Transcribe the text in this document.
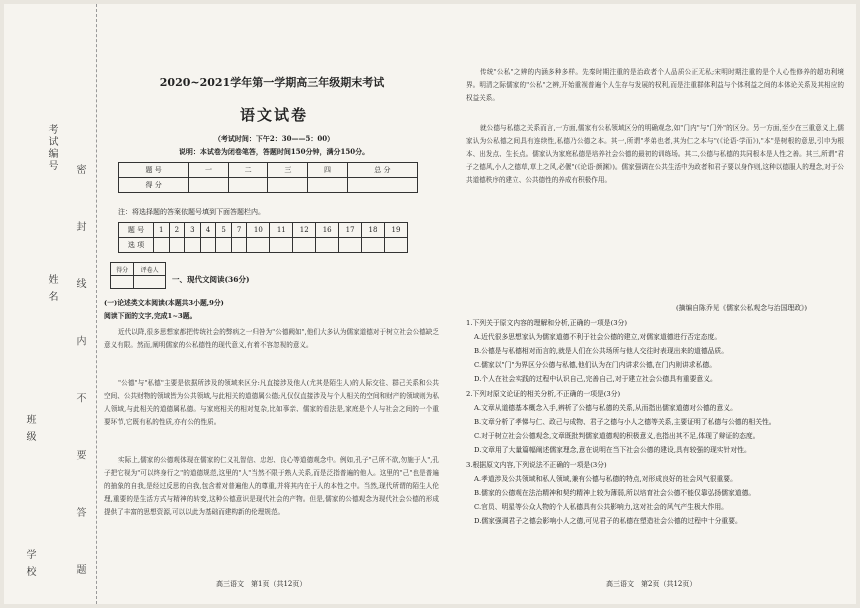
考试编号
姓 名
班 级
学 校	密 封 线 内 不 要 答 题
2020~2021学年第一学期高三年级期末考试
语文试卷
（考试时间：下午2：30——5：00）
说明：本试卷为闭卷笔答，答题时间150分钟，满分150分。
题 号	一	二	三	四	总 分
得 分					
注：将选择题的答案依题号填到下面答题栏内。
题 号	1	2	3	4	5	7	10	11	12	16	17	18	19
选 项													
得分	评卷人

一、现代文阅读(36分)
(一)论述类文本阅读(本题共3小题,9分)
阅读下面的文字,完成1~3题。
近代以降,很多思想家都把传统社会的弊病之一归咎为"公德阙如",他们大多认为儒家道德对于树立社会公德缺乏意义有限。然而,阐明儒家的公私德性的现代意义,有着不容忽视的意义。
"公德"与"私德"主要是依据所涉及的领域来区分:凡直接涉及他人(尤其是陌生人)的人际交往、群己关系和公共空间、公共财物的领域皆为公共领域,与此相关的道德属公德;凡仅仅直接涉及与个人相关的空间和财产的领域则为私人领域,与此相关的道德属私德。与家庭相关的相对复杂,比如事亲、儒家的看法是,家庭是个人与社会之间的一个重要环节,它既有私的性质,亦有公的性质。
实际上,儒家的公德观体现在儒家的仁义礼智信、忠恕、良心等道德观念中。例如,孔子"己所不欲,勿施于人",孔子把它视为"可以终身行之"的道德规范,这里的"人"当然不限于熟人关系,而是泛指普遍的他人。这里的"己"也是普遍的抽象的自我,是经过反思的自我,包含着对普遍他人的尊重,并将其内在于人的本性之中。当然,现代所谓的陌生人伦理,重要的是生活方式与精神的转变,这种公德意识是现代社会的产物。但是,儒家的公德观念为现代社会公德的形成提供了丰富的思想资源,可以以此为基础而建构新的伦理规范。
高三语文　第1页（共12页）
传统"公私"之辨的内涵多种多样。先秦时期注重的是治政者个人品质公正无私;宋明时期注重的是个人心性修养的超功利境界。明清之际儒家的"公私"之辨,开始重视普遍个人生存与发展的权利,而是注重群体利益与个体利益之间的本体论关系及其相应的权益关系。
就公德与私德之关系而言,一方面,儒家有公私领域区分的明确观念,如"门内"与"门外"的区分。另一方面,至少在三重意义上,儒家认为公私德之间具有连续性,私德乃公德之本。其一,所谓"孝弟也者,其为仁之本与"(《论语·学而》),"本"是树根的意思,引申为根本、出发点、生长点。儒家认为家庭私德是培养社会公德的最初的训练场。其二,公德与私德的共同根本是人性之善。其三,所谓"君子之德风,小人之德草,草上之风,必偃"(《论语·颜渊》)。儒家强调在公共生活中为政者和君子要以身作则,这种以德服人的理念,对于公共道德秩序的建立、公共德性的养成有积极作用。
(摘编自陈乔见《儒家公私观念与治国理政》)
1.下列关于原文内容的理解和分析,正确的一项是(3分)
A.近代很多思想家认为儒家道德不利于社会公德的建立,对儒家道德进行否定态度。
B.公德是与私德相对而言的,就是人们在公共场所与他人交往时表现出来的道德品质。
C.儒家以"门"为界区分公德与私德,他们认为在门内讲求公德,在门内则讲求私德。
D.个人在社会实践的过程中认识自己,完善自己,对于建立社会公德具有重要意义。
2.下列对原文论证的相关分析,不正确的一项是(3分)
A.文章从道德基本概念入手,辨析了公德与私德的关系,从而指出儒家道德对公德的意义。
B.文章分析了孝悌与仁、政己与成物、君子之德与小人之德等关系,主要证明了私德与公德的相关性。
C.对于树立社会公德观念,文章既批判儒家道德观的积极意义,也指出其不足,体现了辩证的态度。
D.文章用了大量篇幅阐述儒家理念,意在说明在当下社会公德的建设,具有较强的现实针对性。
3.根据原文内容,下列说法不正确的一项是(3分)
A.孝道涉及公共领域和私人领域,兼有公德与私德的特点,对形成良好的社会风气很重要。
B.儒家的公德观在法治精神和契约精神上较为薄弱,所以培育社会公德不能仅靠弘扬儒家道德。
C.官员、明星等公众人物的个人私德具有公共影响力,这对社会的风气产生极大作用。
D.儒家强调君子之德会影响小人之德,可见君子的私德在塑造社会公德的过程中十分重要。
高三语文　第2页（共12页）
